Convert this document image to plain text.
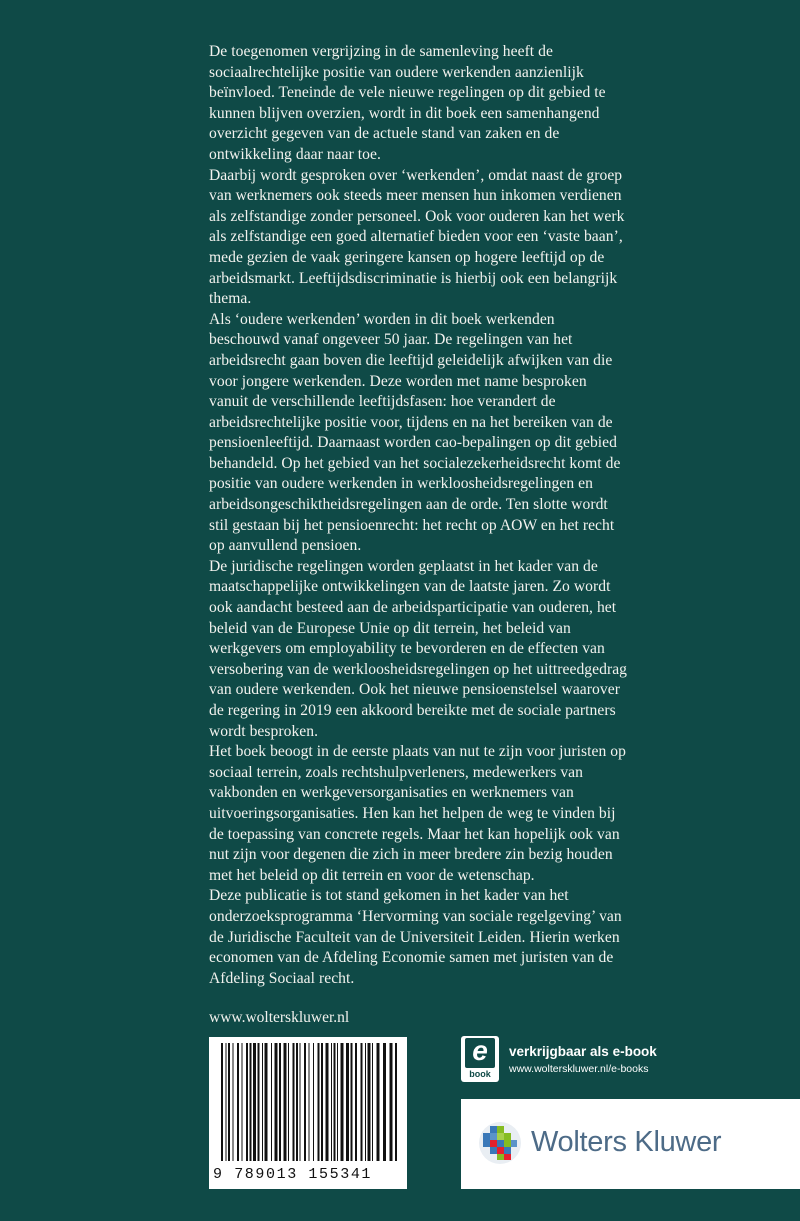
De toegenomen vergrijzing in de samenleving heeft de sociaalrechtelijke positie van oudere werkenden aanzienlijk beïnvloed. Teneinde de vele nieuwe regelingen op dit gebied te kunnen blijven overzien, wordt in dit boek een samenhangend overzicht gegeven van de actuele stand van zaken en de ontwikkeling daar naar toe.

Daarbij wordt gesproken over ‘werkenden’, omdat naast de groep van werknemers ook steeds meer mensen hun inkomen verdienen als zelfstandige zonder personeel. Ook voor ouderen kan het werk als zelfstandige een goed alternatief bieden voor een ‘vaste baan’, mede gezien de vaak geringere kansen op hogere leeftijd op de arbeidsmarkt. Leeftijdsdiscriminatie is hierbij ook een belangrijk thema.

Als ‘oudere werkenden’ worden in dit boek werkenden beschouwd vanaf ongeveer 50 jaar. De regelingen van het arbeidsrecht gaan boven die leeftijd geleidelijk afwijken van die voor jongere werkenden. Deze worden met name besproken vanuit de verschillende leeftijdsfasen: hoe verandert de arbeidsrechtelijke positie voor, tijdens en na het bereiken van de pensioenleeftijd. Daarnaast worden cao-bepalingen op dit gebied behandeld. Op het gebied van het socialezekerheidsrecht komt de positie van oudere werkenden in werkloosheidsregelingen en arbeidsongeschiktheidsregelingen aan de orde. Ten slotte wordt stil gestaan bij het pensioenrecht: het recht op AOW en het recht op aanvullend pensioen.

De juridische regelingen worden geplaatst in het kader van de maatschappelijke ontwikkelingen van de laatste jaren. Zo wordt ook aandacht besteed aan de arbeidsparticipatie van ouderen, het beleid van de Europese Unie op dit terrein, het beleid van werkgevers om employability te bevorderen en de effecten van versobering van de werkloosheidsregelingen op het uittreedgedrag van oudere werkenden. Ook het nieuwe pensioenstelsel waarover de regering in 2019 een akkoord bereikte met de sociale partners wordt besproken.

Het boek beoogt in de eerste plaats van nut te zijn voor juristen op sociaal terrein, zoals rechtshulpverleners, medewerkers van vakbonden en werkgeversorganisaties en werknemers van uitvoeringsorganisaties. Hen kan het helpen de weg te vinden bij de toepassing van concrete regels. Maar het kan hopelijk ook van nut zijn voor degenen die zich in meer bredere zin bezig houden met het beleid op dit terrein en voor de wetenschap.

Deze publicatie is tot stand gekomen in het kader van het onderzoeksprogramma ‘Hervorming van sociale regelgeving’ van de Juridische Faculteit van de Universiteit Leiden. Hierin werken economen van de Afdeling Economie samen met juristen van de Afdeling Sociaal recht.

www.wolterskluwer.nl
9 789013 155341
e
book
verkrijgbaar als e-book
www.wolterskluwer.nl/e-books
Wolters Kluwer
